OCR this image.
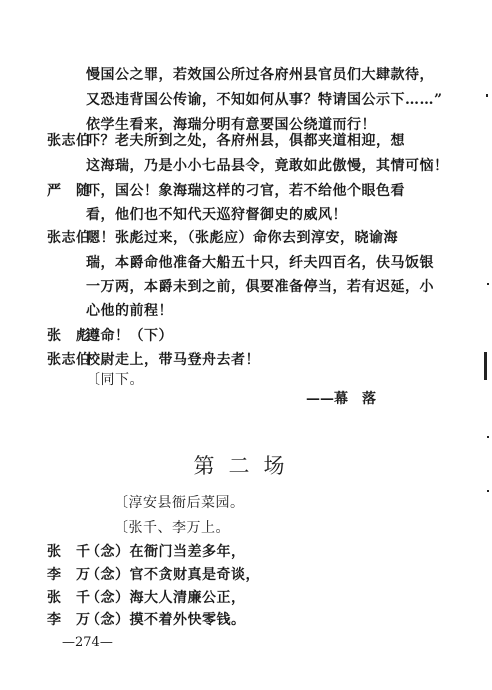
慢国公之罪，若效国公所过各府州县官员们大肆款待，
又恐违背国公传谕，不知如何从事？特请国公示下……”
依学生看来，海瑞分明有意要国公绕道而行！
张志伯
吓？老夫所到之处，各府州县，俱都夹道相迎，想
这海瑞，乃是小小七品县令，竟敢如此傲慢，其情可恼！
严　随
吓，国公！象海瑞这样的刁官，若不给他个眼色看
看，他们也不知代天巡狩督御史的威风！
张志伯
嗯！张彪过来，（张彪应）命你去到淳安，晓谕海
瑞，本爵命他准备大船五十只，纤夫四百名，伕马饭银
一万两，本爵未到之前，俱要准备停当，若有迟延，小
心他的前程！
张　彪
遵命！（下）
张志伯
校尉走上，带马登舟去者！
〔同下。
——幕　落
第二场
〔淳安县衙后菜园。
〔张千、李万上。
张　千
（念）在衙门当差多年，
李　万
（念）官不贪财真是奇谈，
张　千
（念）海大人清廉公正，
李　万
（念）摸不着外快零钱。
—274—
